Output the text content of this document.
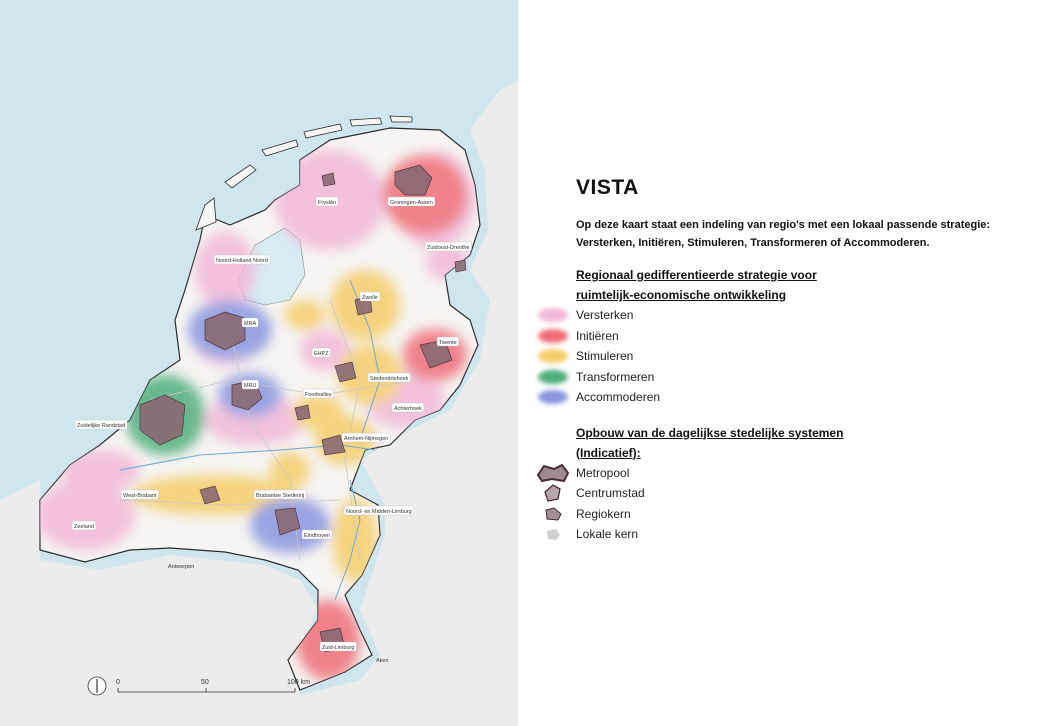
Fryslân	Groningen-Assen
Zuidoost-Drenthe
Noord-Holland Noord
Zwolle
MRA
EHPZ
Twente
Stedendriehoek
MRU
Foodvalley
Achterhoek
Zuidelijke Randstad
Arnhem-Nijmegen
West-Brabant	Brabantse Stedenrij
Noord- en Midden-Limburg
Zeeland
Eindhoven
Zuid-Limburg
Antwerpen
Aken
0	50	100 km
VISTA
Op deze kaart staat een indeling van regio's met een lokaal passende strategie: Versterken, Initiëren, Stimuleren, Transformeren of Accommoderen.
Regionaal gedifferentieerde strategie voor
ruimtelijk-economische ontwikkeling
Versterken
Initiëren
Stimuleren
Transformeren
Accommoderen
Opbouw van de dagelijkse stedelijke systemen
(Indicatief):
Metropool
Centrumstad
Regiokern
Lokale kern
